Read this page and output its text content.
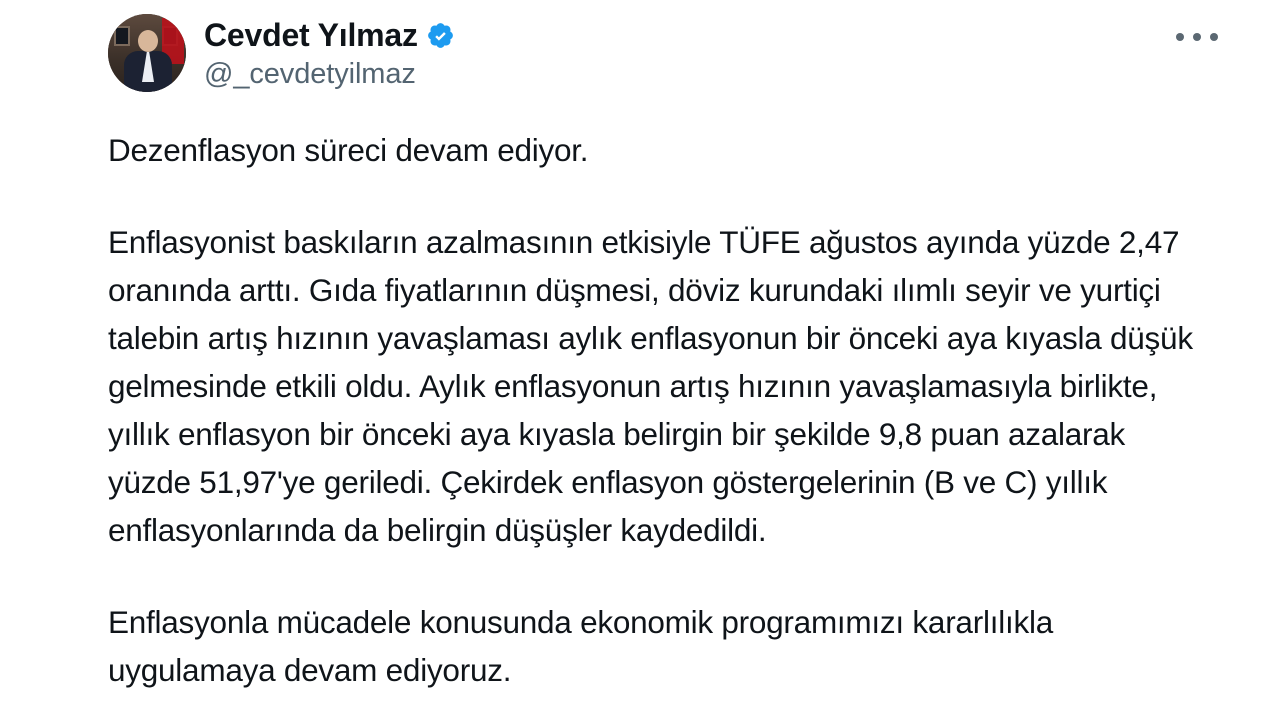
Cevdet Yılmaz
@_cevdetyilmaz

Dezenflasyon süreci devam ediyor.

Enflasyonist baskıların azalmasının etkisiyle TÜFE ağustos ayında yüzde 2,47 oranında arttı. Gıda fiyatlarının düşmesi, döviz kurundaki ılımlı seyir ve yurtiçi talebin artış hızının yavaşlaması aylık enflasyonun bir önceki aya kıyasla düşük gelmesinde etkili oldu. Aylık enflasyonun artış hızının yavaşlamasıyla birlikte, yıllık enflasyon bir önceki aya kıyasla belirgin bir şekilde 9,8 puan azalarak yüzde 51,97'ye geriledi. Çekirdek enflasyon göstergelerinin (B ve C) yıllık enflasyonlarında da belirgin düşüşler kaydedildi.

Enflasyonla mücadele konusunda ekonomik programımızı kararlılıkla uygulamaya devam ediyoruz.
